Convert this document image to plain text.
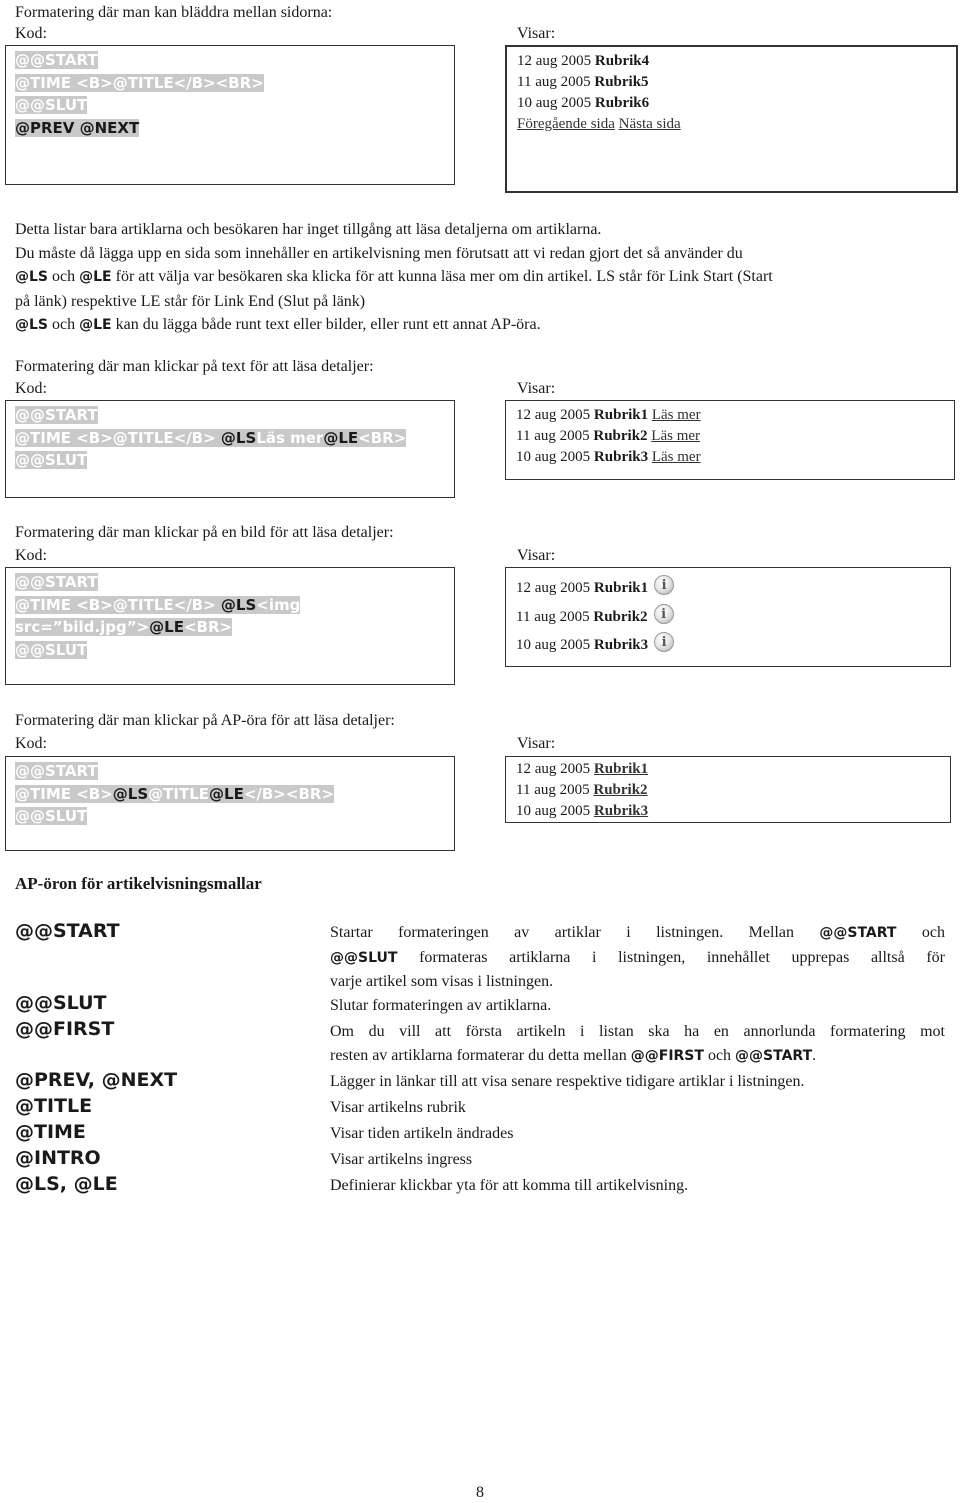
Formatering där man kan bläddra mellan sidorna:
Kod:	Visar:
@@START
@TIME <B>@TITLE</B><BR>
@@SLUT
@PREV @NEXT
12 aug 2005 Rubrik4
11 aug 2005 Rubrik5
10 aug 2005 Rubrik6
Föregående sida Nästa sida
Detta listar bara artiklarna och besökaren har inget tillgång att läsa detaljerna om artiklarna.
Du måste då lägga upp en sida som innehåller en artikelvisning men förutsatt att vi redan gjort det så använder du
@LS och @LE för att välja var besökaren ska klicka för att kunna läsa mer om din artikel. LS står för Link Start (Start
på länk) respektive LE står för Link End (Slut på länk)
@LS och @LE kan du lägga både runt text eller bilder, eller runt ett annat AP-öra.
Formatering där man klickar på text för att läsa detaljer:
Kod:	Visar:
@@START
@TIME <B>@TITLE</B> @LSLäs mer@LE<BR>
@@SLUT
12 aug 2005 Rubrik1 Läs mer
11 aug 2005 Rubrik2 Läs mer
10 aug 2005 Rubrik3 Läs mer
Formatering där man klickar på en bild för att läsa detaljer:
Kod:	Visar:
@@START
@TIME <B>@TITLE</B> @LS<img
src=”bild.jpg”>@LE<BR>
@@SLUT
12 aug 2005 Rubrik1i
11 aug 2005 Rubrik2i
10 aug 2005 Rubrik3i
Formatering där man klickar på AP-öra för att läsa detaljer:
Kod:	Visar:
@@START
@TIME <B>@LS@TITLE@LE</B><BR>
@@SLUT
12 aug 2005 Rubrik1
11 aug 2005 Rubrik2
10 aug 2005 Rubrik3
AP-öron för artikelvisningsmallar
@@START	Startar formateringen av artiklar i listningen. Mellan @@START och
@@SLUT formateras artiklarna i listningen, innehållet upprepas alltså för
varje artikel som visas i listningen.
@@SLUT	Slutar formateringen av artiklarna.
@@FIRST	Om du vill att första artikeln i listan ska ha en annorlunda formatering mot
resten av artiklarna formaterar du detta mellan @@FIRST och @@START.
@PREV, @NEXT	Lägger in länkar till att visa senare respektive tidigare artiklar i listningen.
@TITLE	Visar artikelns rubrik
@TIME	Visar tiden artikeln ändrades
@INTRO	Visar artikelns ingress
@LS, @LE	Definierar klickbar yta för att komma till artikelvisning.
8
